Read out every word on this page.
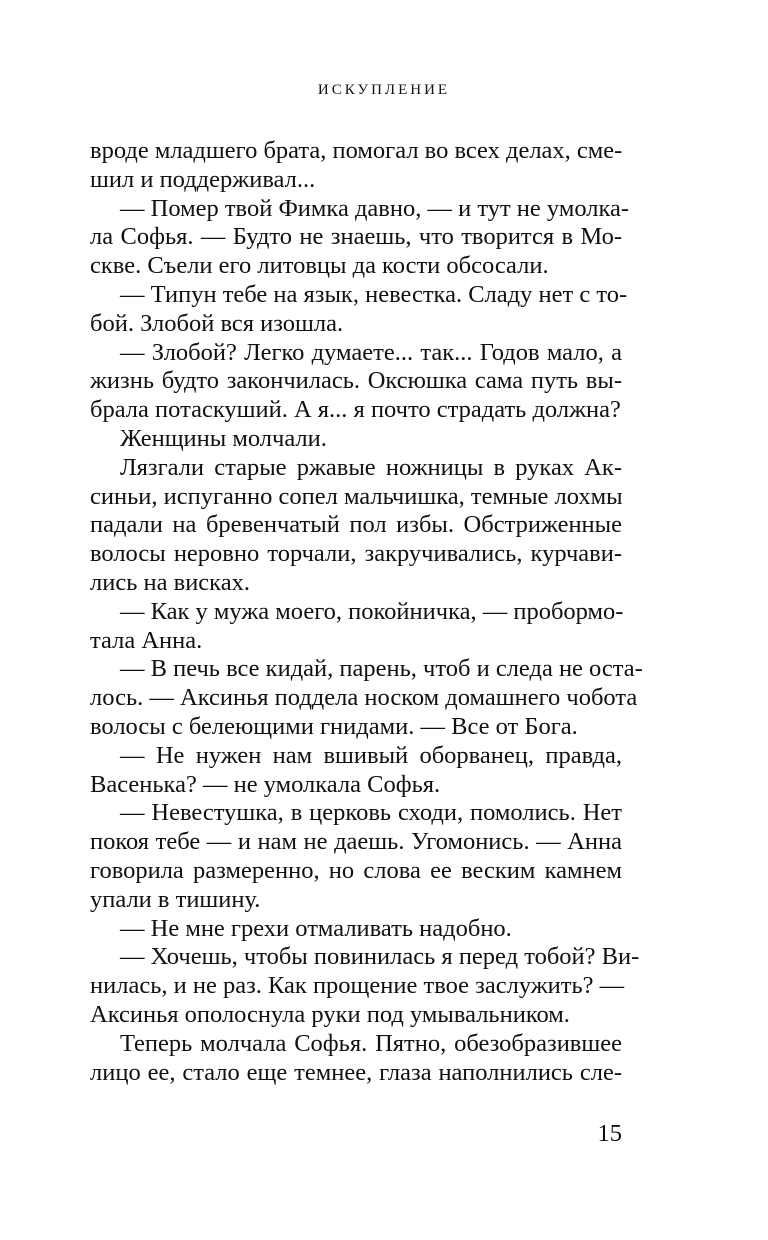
ИСКУПЛЕНИЕ
вроде младшего брата, помогал во всех делах, сме-
шил и поддерживал...
— Помер твой Фимка давно, — и тут не умолка-
ла Софья. — Будто не знаешь, что творится в Мо-
скве. Съели его литовцы да кости обсосали.
— Типун тебе на язык, невестка. Сладу нет с то-
бой. Злобой вся изошла.
— Злобой? Легко думаете... так... Годов мало, а
жизнь будто закончилась. Оксюшка сама путь вы-
брала потаскуший. А я... я почто страдать должна?
Женщины молчали.
Лязгали старые ржавые ножницы в руках Ак-
синьи, испуганно сопел мальчишка, темные лохмы
падали на бревенчатый пол избы. Обстриженные
волосы неровно торчали, закручивались, курчави-
лись на висках.
— Как у мужа моего, покойничка, — пробормо-
тала Анна.
— В печь все кидай, парень, чтоб и следа не оста-
лось. — Аксинья поддела носком домашнего чобота
волосы с белеющими гнидами. — Все от Бога.
— Не нужен нам вшивый оборванец, правда,
Васенька? — не умолкала Софья.
— Невестушка, в церковь сходи, помолись. Нет
покоя тебе — и нам не даешь. Угомонись. — Анна
говорила размеренно, но слова ее веским камнем
упали в тишину.
— Не мне грехи отмаливать надобно.
— Хочешь, чтобы повинилась я перед тобой? Ви-
нилась, и не раз. Как прощение твое заслужить? —
Аксинья ополоснула руки под умывальником.
Теперь молчала Софья. Пятно, обезобразившее
лицо ее, стало еще темнее, глаза наполнились сле-
15
